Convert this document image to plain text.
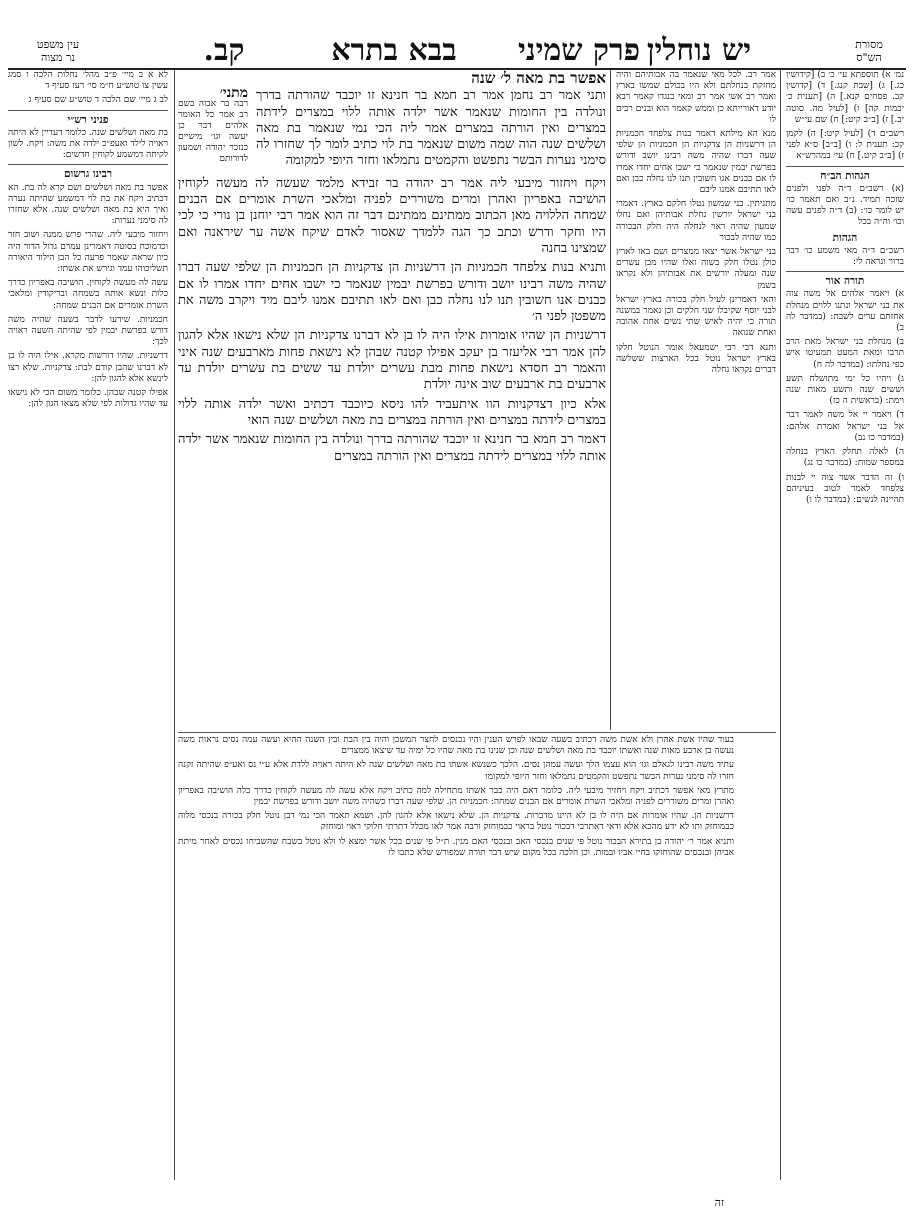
מסורת
הש"ס
יש נוחלין
פרק שמיני
בבא בתרא
קב.
עין משפט
נר מצוה

נמ׳ א) תוספתא עי׳ כ׳ ב) [קידושין כג.] ג) [שבת קנג.] ד) [קדושין קב. פסחים קנא.] ה) [תענית כ׳ יבמות קה] ו) [לעיל מה. סוטה יב.] ז) [ב״ב קיט:] ח) שם עי״ש

רשב״ם ד) [לעיל קיט:] ה) לקמן קכ: תענית ל: ו) [ב״ב] ס״א לפני ז) [ב״ב קיט.] ח) עי׳ במהרש״א

הגהות הב״ח

(א) רשב״ם ד״ה לפני ולפנים שזכה תמיד. נ״ב ואם תאמר כו׳ יש לומר כו׳: (ב) ד״ה לפנים עשה וכו׳ וה״ה בכל

הגהות

רשב״ם ד״ה מאי משמע כו׳ דבר ברור ונראה לי:

תורה אור

א) ויאמר אלהים אל משה צוה את בני ישראל ונתנו ללוים מנחלת אחזתם ערים לשבת: (במדבר לה ב)

ב) מנחלת בני ישראל מאת הרב תרבו ומאת המעט תמעיטו איש כפי נחלתו: (במדבר לה ח)

ג) ויהיו כל ימי מתושלח תשע וששים שנה ותשע מאות שנה וימת: (בראשית ה כז)

ד) ויאמר יי אל משה לאמר דבר אל בני ישראל ואמרת אלהם: (במדבר כו נב)

ה) לאלה תחלק הארץ בנחלה במספר שמות: (במדבר כו נג)

ו) זה הדבר אשר צוה יי לבנות צלפחד לאמר לטוב בעיניהם תהיינה לנשים: (במדבר לו ו)

אמר רב. לכל מאי שנאמר בה אבותיהם והיה מחזקת בנחלתם ולא היו בכולם שמשו בארץ ואמר רב אשי אמר רב ומאי כנגדו קאמר רבא יודע דאורייתא כן וממש קאמר הוא ובנים רבים לו

מנא הא מילתא דאמר בנות צלפחד חכמניות הן דרשניות הן צדקניות הן חכמניות הן שלפי שעה דברו שהיה משה רבינו יושב ודורש בפרשת יבמין שנאמר כי ישבו אחים יחדו אמרו לו אם כבנים אנו חשובין תנו לנו נחלה כבן ואם לאו תתיבם אמנו ליבם

מתניתין. בני שמשון נטלו חלקם בארץ. דאמרי בני ישראל יורשין נחלת אבותיהן ואם נחלו שמעון שהיה ראוי לנחלה היה חלק הבכורה כמו שהיה לבכור

בני ישראל אשר יצאו ממצרים ושם באו לארץ כולן נטלו חלק בשוה ואלו שהיו מבן עשרים שנה ומעלה יורשים את אבותיהן ולא נקראו בשמן

והאי דאמרינן לעיל חלק בכורה בארץ ישראל לבני יוסף שקיבלו שני חלקים וכן נאמר במשנה תורה כי יהיה לאיש שתי נשים אחת אהובה ואחת שנואה

ותנא דבי רבי ישמעאל אומר הנוטל חלקו בארץ ישראל נוטל בכל הארצות ששלשה דברים נקראו נחלה

אפשר בת מאה ל׳ שנה
ותני אמר רב נחמן אמר רב חמא בר חנינא זו יוכבד שהורתה בדרך ונולדה בין החומות שנאמר אשר ילדה אותה ללוי במצרים לידתה במצרים ואין הורתה במצרים אמר ליה הכי נמי שנאמר בת מאה ושלשים שנה הוה שמה משום שנאמר בת לוי כתיב לומר לך שחזרו לה סימני נערות הבשר נתפשט והקמטים נתמלאו וחזר היופי למקומה
מתני׳
רבה בר אבוה בשם רב אמר כל האומר אלהים דבר כן יעשה וגו׳ מישיים כנזכר יהודה ושמעון לדורותם

ויקח ויחזור מיבעי ליה אמר רב יהודה בר זבידא מלמד שעשה לה מעשה לקוחין הושיבה באפריון ואהרן ומרים משוררים לפניה ומלאכי השרת אומרים אם הבנים שמחה הללויה מאן הכתוב ממתינם ממתינם דבר זה הוא אמר רבי יוחנן בן נורי כי לכי היו וחקר ודרש וכתב כך הגה ללמדך שאסור לאדם שיקח אשה ער שיראנה ואם שמצינו בחנה

ותניא בנות צלפחד חכמניות הן דרשניות הן צדקניות הן חכמניות הן שלפי שעה דברו שהיה משה רבינו יושב ודורש בפרשת יבמין שנאמר כי ישבו אחים יחדו אמרו לו אם כבנים אנו חשובין תנו לנו נחלה כבן ואם לאו תתיבם אמנו ליבם מיד ויקרב משה את משפטן לפני ה׳

דרשניות הן שהיו אומרות אילו היה לו בן לא דברנו צדקניות הן שלא נישאו אלא להגון להן אמר רבי אליעזר בן יעקב אפילו קטנה שבהן לא נישאת פחות מארבעים שנה איני והאמר רב חסדא נישאת פחות מבת עשרים יולדת עד ששים בת עשרים יולדת עד ארבעים בת ארבעים שוב אינה יולדת

אלא כיון דצדקניות הוו איתעביד להו ניסא כיוכבד דכתיב ואשר ילדה אותה ללוי במצרים לידתה במצרים ואין הורתה במצרים בת מאה ושלשים שנה הואי

דאמר רב חמא בר חנינא זו יוכבד שהורתה בדרך ונולדה בין החומות שנאמר אשר ילדה אותה ללוי במצרים לידתה במצרים ואין הורתה במצרים

בעוד שהיו אשת אהרן ולא אשת משה דכתיב בשעה שבאו לפרש הענין והיו נכנסים לחצר המשכן והיה בין הבת ובין השנה ההיא ועשה עמה נסים נראות משה נעשה בן ארבע מאות שנה ואשתו יוכבד בת מאה ושלשים שנה וכן שנינו בת מאה שהיו כל ימיה עד שיצאו ממצרים

עתיד משה רבינו לגאלם וגו׳ הוא עצמו הלך ועשה עמהן נסים. הלכך כשנשא אשתו בת מאה ושלשים שנה לא היתה ראויה ללדת אלא ע״י נס ואע״פ שהיתה זקנה חזרו לה סימני נערות הבשר נתפשט והקמטים נתמלאו וחזר היופי למקומו

מתרץ מאי אפשר דכתיב ויקח ויחזיר מיבעי ליה. כלומר דאם היה כבר אשתו מתחילה למה כתיב ויקח אלא עשה לה מעשה לקוחין כדרך כלה הושיבה באפריון ואהרן ומרים משוררים לפניה ומלאכי השרת אומרים אם הבנים שמחה: חכמניות הן. שלפי שעה דברו כשהיה משה יושב ודורש בפרשת יבמין

דרשניות הן. שהיו אומרות אם היה לו בן לא היינו מדברות. צדקניות הן. שלא נישאו אלא להגון להן. ושמא תאמר הכי נמי דבן נוטל חלק בכורה בנכסי מלוה כבמוחזק ותו לא ידע מהכא אלא ודאי דאתרבי דבכור נוטל בראוי כבמוחזק ורבה אמר לאו מכלל דתרתי חלוקי ראוי ומוחזק

ותניא אמר ר׳ יהודה בן בתירא הבכור נוטל פי שנים בנכסי האב ובנכסי האם מנין. ת״ל פי שנים בכל אשר ימצא לו ולא נוטל בשבח שהשביחו נכסים לאחר מיתת אביהן ובנכסים שהוחזקו בחיי אביו ובמות. וכן הלכה בכל מקום שיש דבר תורה שמפורש שלא כתבו לו

זה

לא א ב מיי׳ פ״ב מהל׳ נחלות הלכה ו סמג עשין צו טוש״ע ח״מ סי׳ רעז סעיף ד

לב ג מיי׳ שם הלכה ד טוש״ע שם סעיף ג

פניני רש״י

בת מאה ושלשים שנה. כלומר דעדיין לא היתה ראויה לילד ואעפ״כ ילדה את משה: ויקח. לשון לקיחה דמשמע לקוחין חדשים:

רבינו גרשום

אפשר בת מאה ושלשים ושם קרא לה בת. הא דכתיב ויקח את בת לוי דמשמע שהיתה נערה ואיך היא בת מאה ושלשים שנה. אלא שחזרו לה סימני נערות:

ויחזור מיבעי ליה. שהרי פרש ממנה ושוב חזר וכדמוכח בסוטה דאמרינן עמרם גדול הדור היה כיון שראה שאמר פרעה כל הבן הילוד היאורה תשליכוהו עמד וגירש את אשתו:

עשה לה מעשה לקוחין. הושיבה באפריון כדרך כלות ונשא אותה בשמחה ובריקודין ומלאכי השרת אומרים אם הבנים שמחה:

חכמניות. שידעו לדבר בשעה שהיה משה דורש בפרשת יבמין לפי שהיתה השעה ראויה לכך:

דרשניות. שהיו דורשות מקרא. אילו היה לו בן לא דברנו שהבן קודם לבת: צדקניות. שלא רצו לינשא אלא להגון להן:

אפילו קטנה שבהן. כלומר משום הכי לא נישאו עד שהיו גדולות לפי שלא מצאו הגון להן:
